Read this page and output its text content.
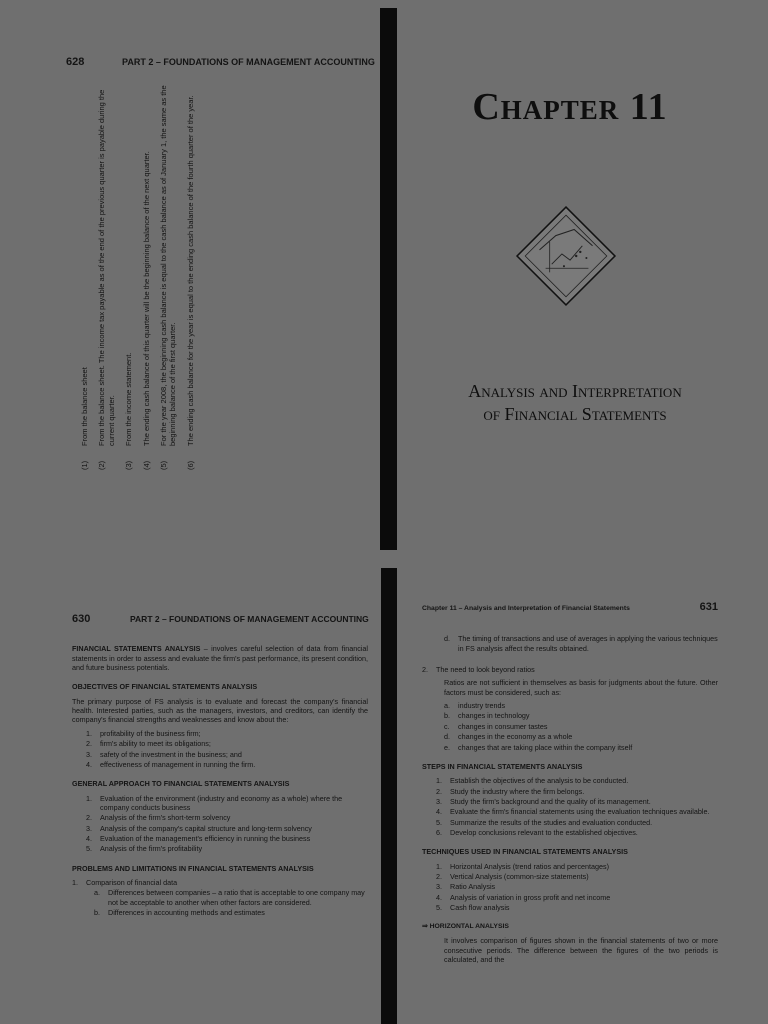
628	PART 2 – FOUNDATIONS OF MANAGEMENT ACCOUNTING
(1)
From the balance sheet
(2)
From the balance sheet. The income tax payable as of the end of the previous quarter is payable during the current quarter.
(3)
From the income statement.
(4)
The ending cash balance of this quarter will be the beginning balance of the next quarter.
(5)
For the year 2008, the beginning cash balance is equal to the cash balance as of January 1, the same as the beginning balance of the first quarter.
(6)
The ending cash balance for the year is equal to the ending cash balance of the fourth quarter of the year.	Chapter 11
Analysis and Interpretation
of Financial Statements
630	PART 2 – FOUNDATIONS OF MANAGEMENT ACCOUNTING
FINANCIAL STATEMENTS ANALYSIS – involves careful selection of data from financial statements in order to assess and evaluate the firm's past performance, its present condition, and future business potentials.
OBJECTIVES OF FINANCIAL STATEMENTS ANALYSIS
The primary purpose of FS analysis is to evaluate and forecast the company's financial health. Interested parties, such as the managers, investors, and creditors, can identify the company's financial strengths and weaknesses and know about the:
1.	profitability of the business firm;
2.	firm's ability to meet its obligations;
3.	safety of the investment in the business; and
4.	effectiveness of management in running the firm.
GENERAL APPROACH TO FINANCIAL STATEMENTS ANALYSIS
1.	Evaluation of the environment (industry and economy as a whole) where the company conducts business
2.	Analysis of the firm's short-term solvency
3.	Analysis of the company's capital structure and long-term solvency
4.	Evaluation of the management's efficiency in running the business
5.	Analysis of the firm's profitability
PROBLEMS AND LIMITATIONS IN FINANCIAL STATEMENTS ANALYSIS
1.	Comparison of financial data
a.	Differences between companies – a ratio that is acceptable to one company may not be acceptable to another when other factors are considered.
b.	Differences in accounting methods and estimates
Chapter 11 – Analysis and Interpretation of Financial Statements	631
d.	The timing of transactions and use of averages in applying the various techniques in FS analysis affect the results obtained.
2.	The need to look beyond ratios
Ratios are not sufficient in themselves as basis for judgments about the future. Other factors must be considered, such as:
a.	industry trends
b.	changes in technology
c.	changes in consumer tastes
d.	changes in the economy as a whole
e.	changes that are taking place within the company itself
STEPS IN FINANCIAL STATEMENTS ANALYSIS
1.	Establish the objectives of the analysis to be conducted.
2.	Study the industry where the firm belongs.
3.	Study the firm's background and the quality of its management.
4.	Evaluate the firm's financial statements using the evaluation techniques available.
5.	Summarize the results of the studies and evaluation conducted.
6.	Develop conclusions relevant to the established objectives.
TECHNIQUES USED IN FINANCIAL STATEMENTS ANALYSIS
1.	Horizontal Analysis (trend ratios and percentages)
2.	Vertical Analysis (common-size statements)
3.	Ratio Analysis
4.	Analysis of variation in gross profit and net income
5.	Cash flow analysis
⇒ HORIZONTAL ANALYSIS
It involves comparison of figures shown in the financial statements of two or more consecutive periods. The difference between the figures of the two periods is calculated, and the
